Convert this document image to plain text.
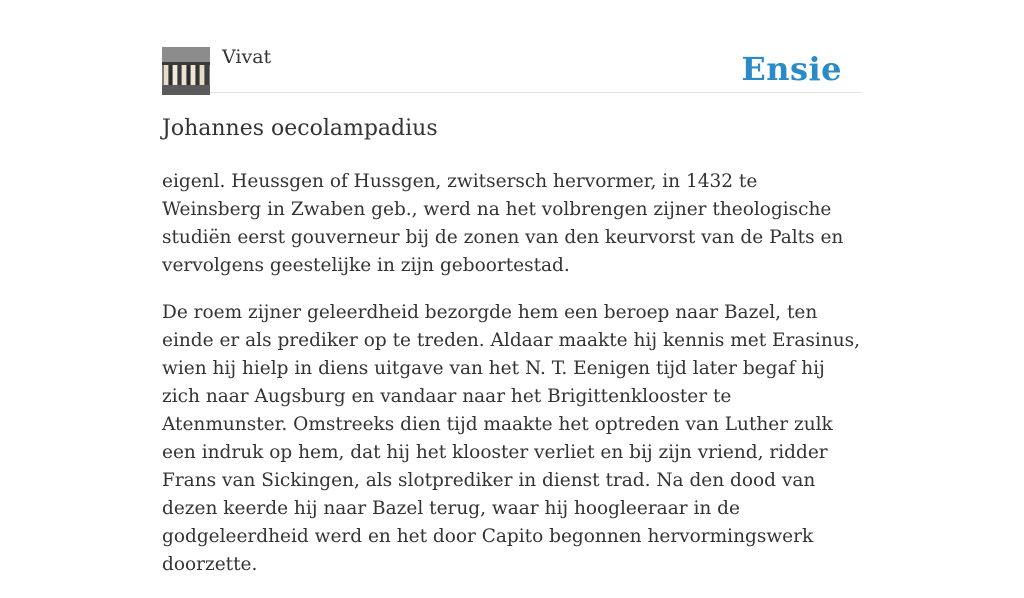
Vivat	Ensie
Johannes oecolampadius

eigenl. Heussgen of Hussgen, zwitsersch hervormer, in 1432 te Weinsberg in Zwaben geb., werd na het volbrengen zijner theologische studiën eerst gouverneur bij de zonen van den keurvorst van de Palts en vervolgens geestelijke in zijn geboortestad.

De roem zijner geleerdheid bezorgde hem een beroep naar Bazel, ten einde er als prediker op te treden. Aldaar maakte hij kennis met Erasinus, wien hij hielp in diens uitgave van het N. T. Eenigen tijd later begaf hij zich naar Augsburg en vandaar naar het Brigittenklooster te Atenmunster. Omstreeks dien tijd maakte het optreden van Luther zulk een indruk op hem, dat hij het klooster verliet en bij zijn vriend, ridder Frans van Sickingen, als slotprediker in dienst trad. Na den dood van dezen keerde hij naar Bazel terug, waar hij hoogleeraar in de godgeleerdheid werd en het door Capito begonnen hervormingswerk doorzette.
